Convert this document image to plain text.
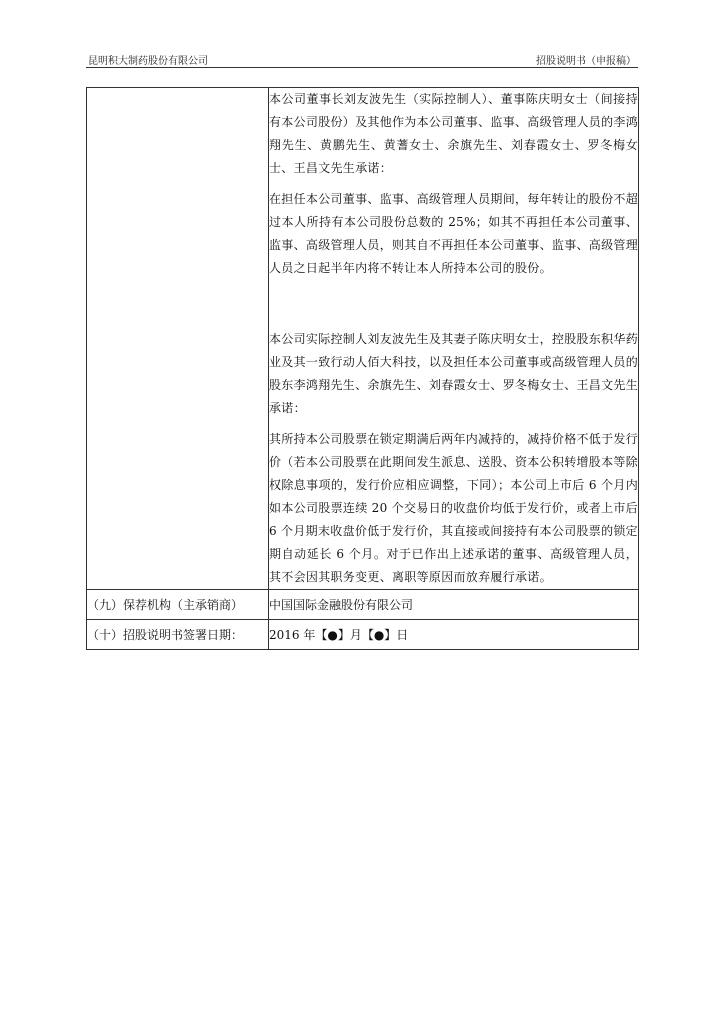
昆明积大制药股份有限公司	招股说明书（申报稿）

	本公司董事长刘友波先生（实际控制人）、董事陈庆明女士（间接持有本公司股份）及其他作为本公司董事、监事、高级管理人员的李鸿翔先生、黄鹏先生、黄蓍女士、余旗先生、刘春霞女士、罗冬梅女士、王昌文先生承诺：

在担任本公司董事、监事、高级管理人员期间，每年转让的股份不超过本人所持有本公司股份总数的 25%；如其不再担任本公司董事、监事、高级管理人员，则其自不再担任本公司董事、监事、高级管理人员之日起半年内将不转让本人所持本公司的股份。

本公司实际控制人刘友波先生及其妻子陈庆明女士，控股股东积华药业及其一致行动人佰大科技，以及担任本公司董事或高级管理人员的股东李鸿翔先生、余旗先生、刘春霞女士、罗冬梅女士、王昌文先生承诺：

其所持本公司股票在锁定期满后两年内减持的，减持价格不低于发行价（若本公司股票在此期间发生派息、送股、资本公积转增股本等除权除息事项的，发行价应相应调整，下同）；本公司上市后 6 个月内如本公司股票连续 20 个交易日的收盘价均低于发行价，或者上市后 6 个月期末收盘价低于发行价，其直接或间接持有本公司股票的锁定期自动延长 6 个月。对于已作出上述承诺的董事、高级管理人员，其不会因其职务变更、离职等原因而放弃履行承诺。

（九）保荐机构（主承销商）	中国国际金融股份有限公司
（十）招股说明书签署日期：	2016 年【●】月【●】日
